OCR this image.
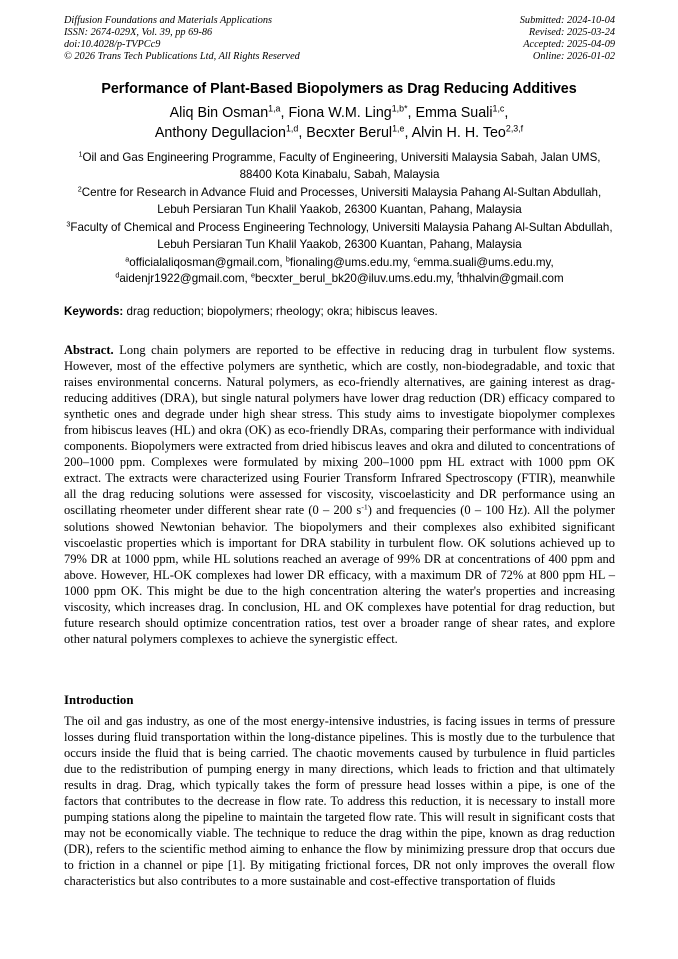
Diffusion Foundations and Materials Applications
ISSN: 2674-029X, Vol. 39, pp 69-86
doi:10.4028/p-TVPCc9
© 2026 Trans Tech Publications Ltd, All Rights Reserved
Submitted: 2024-10-04
Revised: 2025-03-24
Accepted: 2025-04-09
Online: 2026-01-02
Performance of Plant-Based Biopolymers as Drag Reducing Additives
Aliq Bin Osman$^{1,a}$, Fiona W.M. Ling$^{1,b*}$, Emma Suali$^{1,c}$,
Anthony Degullacion$^{1,d}$, Becxter Berul$^{1,e}$, Alvin H. H. Teo$^{2,3,f}$
$^1$Oil and Gas Engineering Programme, Faculty of Engineering, Universiti Malaysia Sabah, Jalan UMS, 88400 Kota Kinabalu, Sabah, Malaysia
$^2$Centre for Research in Advance Fluid and Processes, Universiti Malaysia Pahang Al-Sultan Abdullah, Lebuh Persiaran Tun Khalil Yaakob, 26300 Kuantan, Pahang, Malaysia
$^3$Faculty of Chemical and Process Engineering Technology, Universiti Malaysia Pahang Al-Sultan Abdullah, Lebuh Persiaran Tun Khalil Yaakob, 26300 Kuantan, Pahang, Malaysia
$^a$officialaliqosman@gmail.com, $^b$fionaling@ums.edu.my, $^c$emma.suali@ums.edu.my,
$^d$aidenjr1922@gmail.com, $^e$becxter_berul_bk20@iluv.ums.edu.my, $^f$thhalvin@gmail.com
Keywords: drag reduction; biopolymers; rheology; okra; hibiscus leaves.
Abstract. Long chain polymers are reported to be effective in reducing drag in turbulent flow systems. However, most of the effective polymers are synthetic, which are costly, non-biodegradable, and toxic that raises environmental concerns. Natural polymers, as eco-friendly alternatives, are gaining interest as drag-reducing additives (DRA), but single natural polymers have lower drag reduction (DR) efficacy compared to synthetic ones and degrade under high shear stress. This study aims to investigate biopolymer complexes from hibiscus leaves (HL) and okra (OK) as eco-friendly DRAs, comparing their performance with individual components. Biopolymers were extracted from dried hibiscus leaves and okra and diluted to concentrations of 200–1000 ppm. Complexes were formulated by mixing 200–1000 ppm HL extract with 1000 ppm OK extract. The extracts were characterized using Fourier Transform Infrared Spectroscopy (FTIR), meanwhile all the drag reducing solutions were assessed for viscosity, viscoelasticity and DR performance using an oscillating rheometer under different shear rate (0 – 200 $s^{-1}$) and frequencies (0 – 100 Hz). All the polymer solutions showed Newtonian behavior. The biopolymers and their complexes also exhibited significant viscoelastic properties which is important for DRA stability in turbulent flow. OK solutions achieved up to 79% DR at 1000 ppm, while HL solutions reached an average of 99% DR at concentrations of 400 ppm and above. However, HL-OK complexes had lower DR efficacy, with a maximum DR of 72% at 800 ppm HL – 1000 ppm OK. This might be due to the high concentration altering the water's properties and increasing viscosity, which increases drag. In conclusion, HL and OK complexes have potential for drag reduction, but future research should optimize concentration ratios, test over a broader range of shear rates, and explore other natural polymers complexes to achieve the synergistic effect.
Introduction
The oil and gas industry, as one of the most energy-intensive industries, is facing issues in terms of pressure losses during fluid transportation within the long-distance pipelines. This is mostly due to the turbulence that occurs inside the fluid that is being carried. The chaotic movements caused by turbulence in fluid particles due to the redistribution of pumping energy in many directions, which leads to friction and that ultimately results in drag. Drag, which typically takes the form of pressure head losses within a pipe, is one of the factors that contributes to the decrease in flow rate. To address this reduction, it is necessary to install more pumping stations along the pipeline to maintain the targeted flow rate. This will result in significant costs that may not be economically viable. The technique to reduce the drag within the pipe, known as drag reduction (DR), refers to the scientific method aiming to enhance the flow by minimizing pressure drop that occurs due to friction in a channel or pipe [1]. By mitigating frictional forces, DR not only improves the overall flow characteristics but also contributes to a more sustainable and cost-effective transportation of fluids
